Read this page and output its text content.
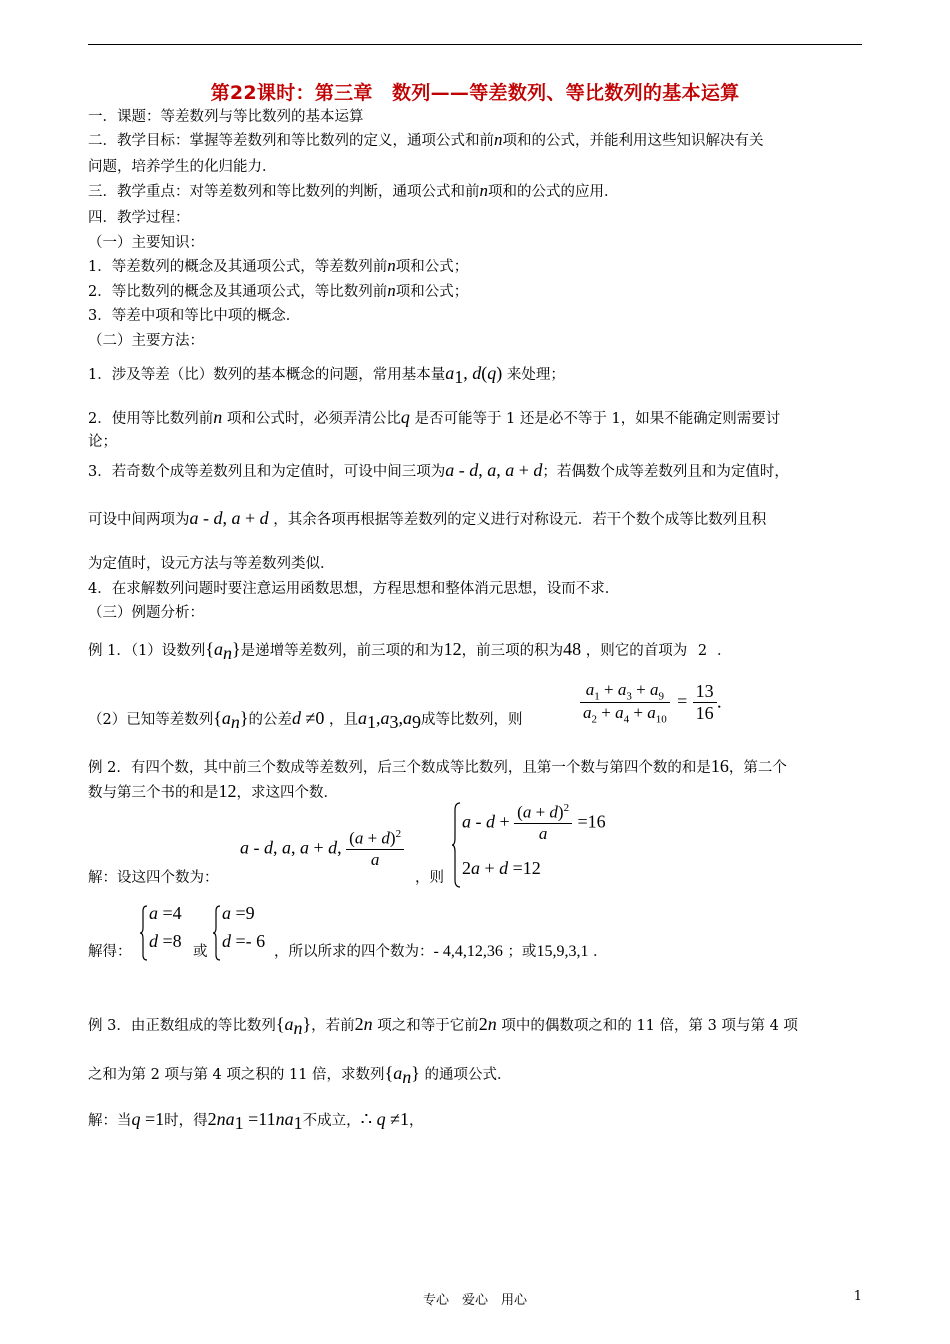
第22课时：第三章　数列——等差数列、等比数列的基本运算
一．课题：等差数列与等比数列的基本运算
二．教学目标：掌握等差数列和等比数列的定义，通项公式和前n项和的公式，并能利用这些知识解决有关
问题，培养学生的化归能力．
三．教学重点：对等差数列和等比数列的判断，通项公式和前n项和的公式的应用．
四．教学过程：
（一）主要知识：
1．等差数列的概念及其通项公式，等差数列前n项和公式；
2．等比数列的概念及其通项公式，等比数列前n项和公式；
3．等差中项和等比中项的概念．
（二）主要方法：
1．涉及等差（比）数列的基本概念的问题，常用基本量$a_1$, d(q) 来处理；
2．使用等比数列前n 项和公式时，必须弄清公比q 是否可能等于 1 还是必不等于 1，如果不能确定则需要讨
论；
3．若奇数个成等差数列且和为定值时，可设中间三项为a - d, a, a + d；若偶数个成等差数列且和为定值时，
可设中间两项为a - d, a + d ，其余各项再根据等差数列的定义进行对称设元．若干个数个成等比数列且积
为定值时，设元方法与等差数列类似．
4．在求解数列问题时要注意运用函数思想，方程思想和整体消元思想，设而不求．
（三）例题分析：
例 1．（1）设数列$\{a_n\}$是递增等差数列，前三项的和为12，前三项的积为48 ，则它的首项为 2 ．
（2）已知等差数列$\{a_n\}$的公差d ≠0 ，且$a_1,a_3,a_9$成等比数列，则	$\frac{a_1 + a_3 + a_9}{a_2 + a_4 + a_{10}} = \frac{13}{16}$ ．
例 2．有四个数，其中前三个数成等差数列，后三个数成等比数列，且第一个数与第四个数的和是16，第二个
数与第三个书的和是12，求这四个数．
解：设这四个数为：
a - d, a, a + d, $\frac{(a + d)^2}{a}$
，则
$a - d + \frac{(a + d)^2}{a} =16$
2a + d =12
解得：
a =4
d =8
或
a =9
d =- 6
，所以所求的四个数为：- 4,4,12,36 ；或15,9,3,1 ．
例 3．由正数组成的等比数列$\{a_n\}$，若前2n 项之和等于它前2n 项中的偶数项之和的 11 倍，第 3 项与第 4 项
之和为第 2 项与第 4 项之积的 11 倍，求数列$\{a_n\}$ 的通项公式．
解：当q =1时，得$2na_1 =11na_1$不成立，∴ q ≠1，
专心　爱心　用心	1
